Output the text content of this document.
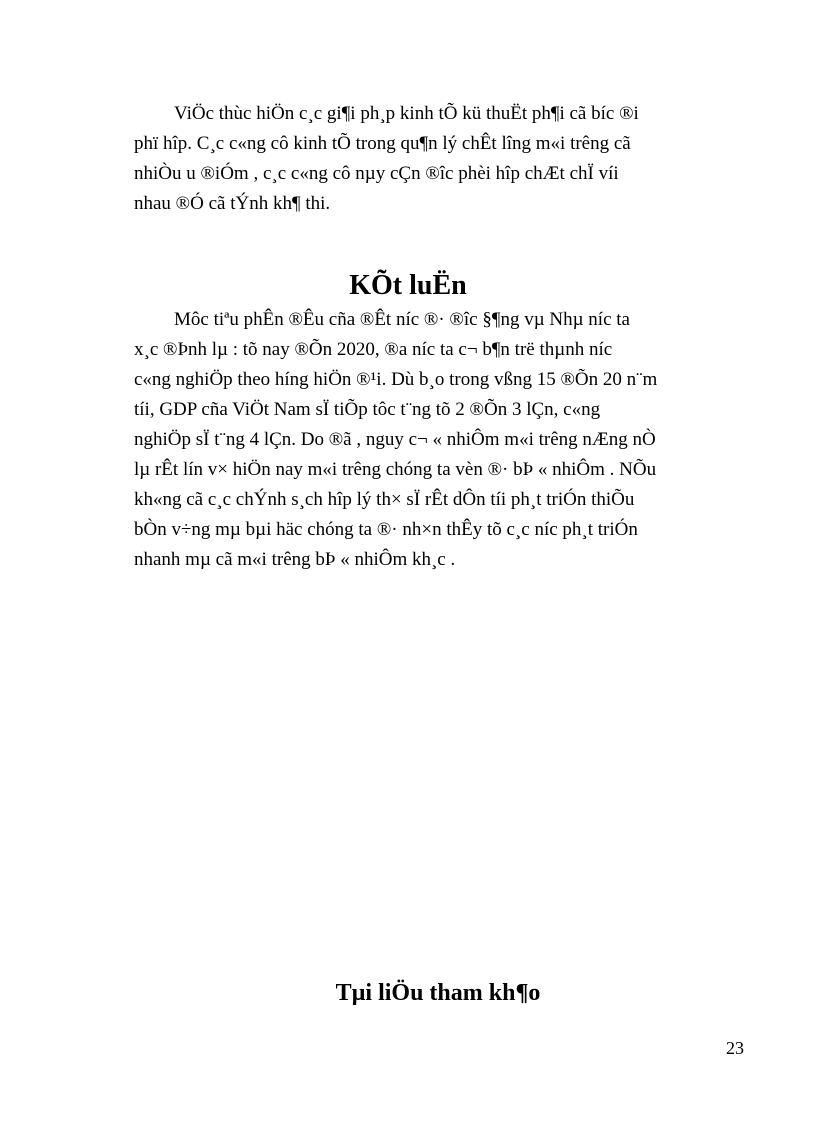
ViÖc thùc hiÖn c¸c gi¶i ph¸p kinh tÕ kü thuËt ph¶i cã bíc ®i
phï hîp. C¸c c«ng cô kinh tÕ trong qu¶n lý chÊt lîng m«i trêng cã
nhiÒu u ®iÓm , c¸c c«ng cô nµy cÇn ®îc phèi hîp chÆt chÏ víi
nhau ®Ó cã tÝnh kh¶ thi.

KÕt luËn

Môc tiªu phÊn ®Êu cña ®Êt níc ®· ®îc §¶ng vµ Nhµ níc ta
x¸c ®Þnh lµ : tõ nay ®Õn 2020, ®a níc ta c¬ b¶n trë thµnh níc
c«ng nghiÖp theo híng hiÖn ®¹i. Dù b¸o trong vßng 15 ®Õn 20 n¨m
tíi, GDP cña ViÖt Nam sÏ tiÕp tôc t¨ng tõ 2 ®Õn 3 lÇn, c«ng
nghiÖp sÏ t¨ng 4 lÇn. Do ®ã , nguy c¬ « nhiÔm m«i trêng nÆng nÒ
lµ rÊt lín v× hiÖn nay m«i trêng chóng ta vèn ®· bÞ « nhiÔm . NÕu
kh«ng cã c¸c chÝnh s¸ch hîp lý th× sÏ rÊt dÔn tíi ph¸t triÓn thiÕu
bÒn v÷ng mµ bµi häc chóng ta ®· nh×n thÊy tõ c¸c níc ph¸t triÓn
nhanh mµ cã m«i trêng bÞ « nhiÔm kh¸c .

Tµi liÖu tham kh¶o
23
